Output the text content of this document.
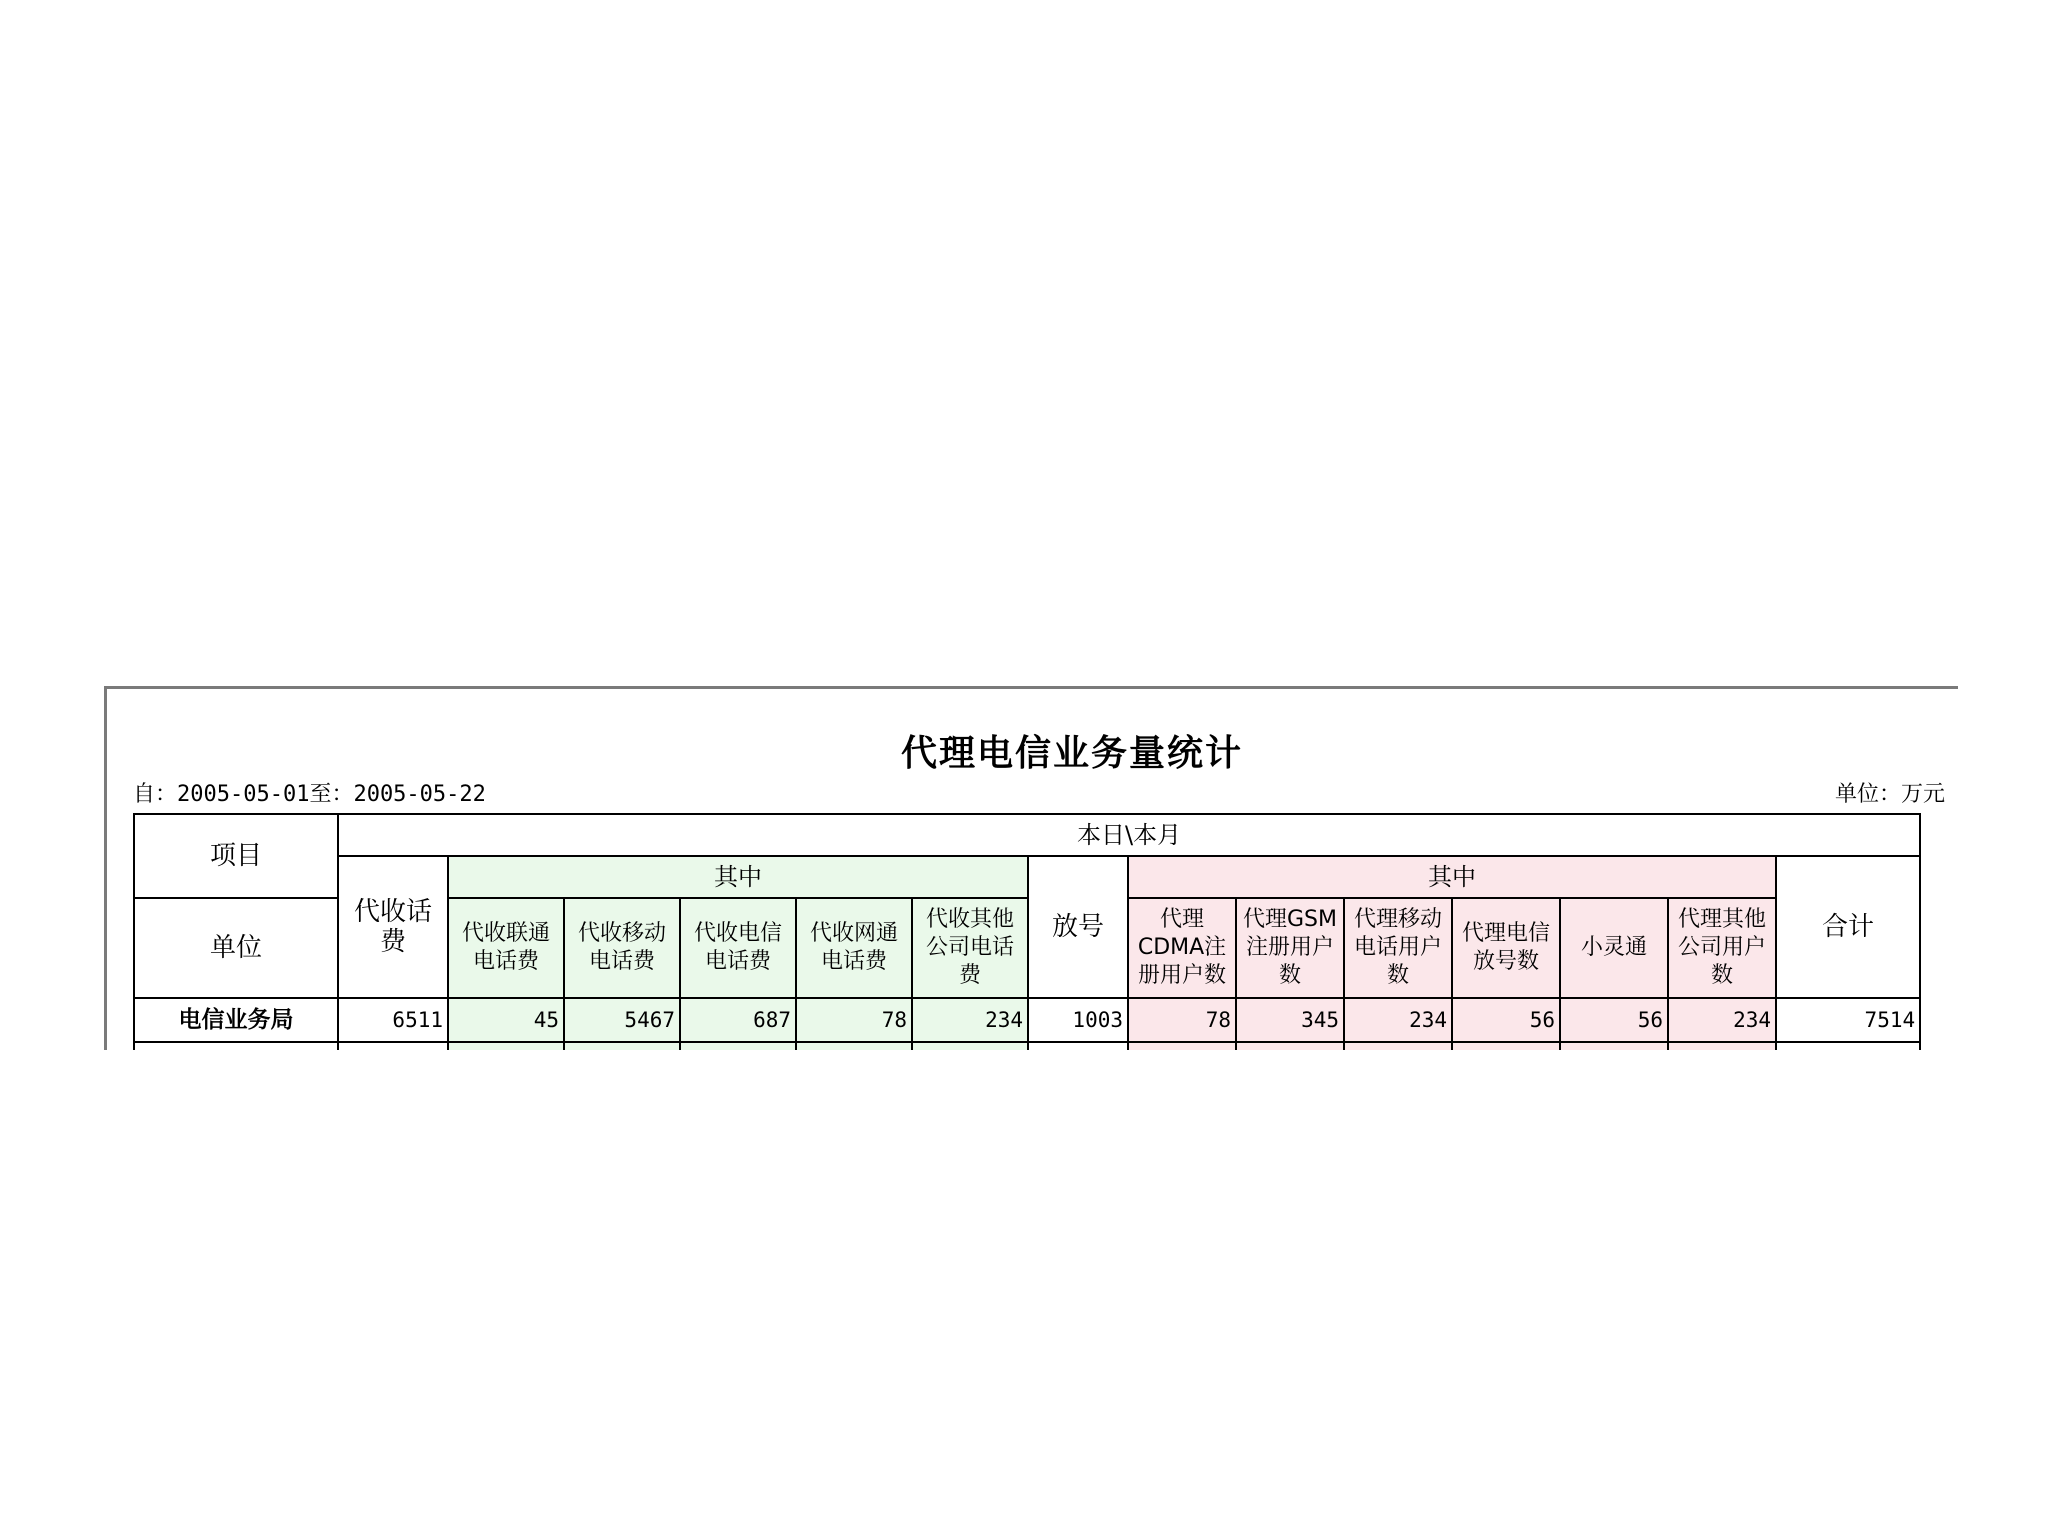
代理电信业务量统计
自：2005-05-01至：2005-05-22	单位：万元
项目	本日\本月													
	代收话费	其中					放号	其中						合计
单位		代收联通电话费	代收移动电话费	代收电信电话费	代收网通电话费	代收其他公司电话费		代理CDMA注册用户数	代理GSM注册用户数	代理移动电话用户数	代理电信放号数	小灵通	代理其他公司用户数	
电信业务局	6511	45	5467	687	78	234	1003	78	345	234	56	56	234	7514
